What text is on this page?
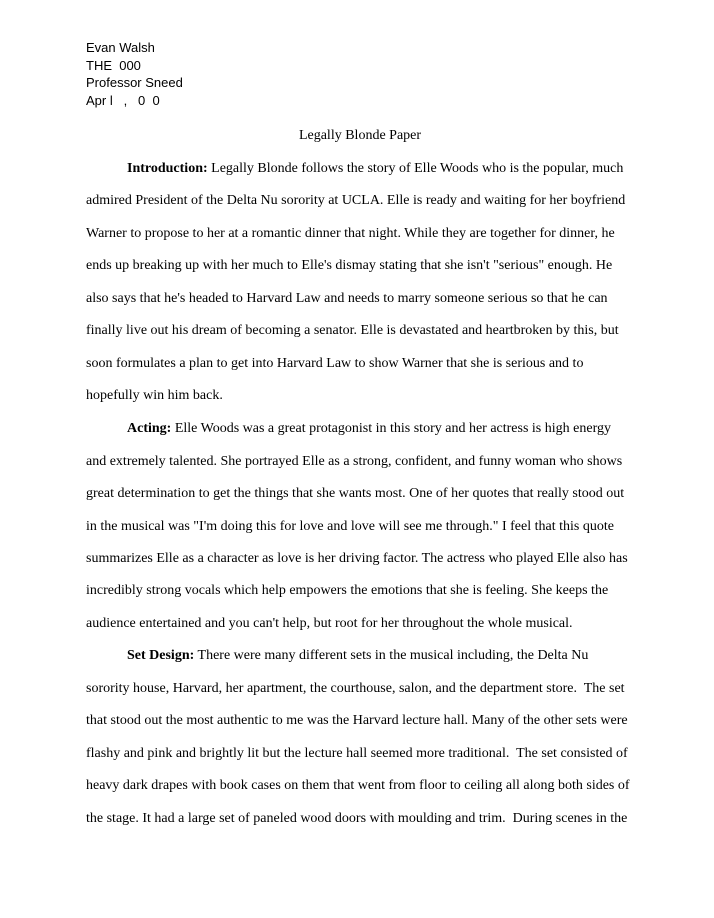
Evan Walsh
THE  000
Professor Sneed
Apr l   ,   0  0
Legally Blonde Paper
Introduction: Legally Blonde follows the story of Elle Woods who is the popular, much
admired President of the Delta Nu sorority at UCLA. Elle is ready and waiting for her boyfriend
Warner to propose to her at a romantic dinner that night. While they are together for dinner, he
ends up breaking up with her much to Elle's dismay stating that she isn't "serious" enough. He
also says that he's headed to Harvard Law and needs to marry someone serious so that he can
finally live out his dream of becoming a senator. Elle is devastated and heartbroken by this, but
soon formulates a plan to get into Harvard Law to show Warner that she is serious and to
hopefully win him back.
Acting: Elle Woods was a great protagonist in this story and her actress is high energy
and extremely talented. She portrayed Elle as a strong, confident, and funny woman who shows
great determination to get the things that she wants most. One of her quotes that really stood out
in the musical was "I'm doing this for love and love will see me through." I feel that this quote
summarizes Elle as a character as love is her driving factor. The actress who played Elle also has
incredibly strong vocals which help empowers the emotions that she is feeling. She keeps the
audience entertained and you can't help, but root for her throughout the whole musical.
Set Design: There were many different sets in the musical including, the Delta Nu
sorority house, Harvard, her apartment, the courthouse, salon, and the department store.  The set
that stood out the most authentic to me was the Harvard lecture hall. Many of the other sets were
flashy and pink and brightly lit but the lecture hall seemed more traditional.  The set consisted of
heavy dark drapes with book cases on them that went from floor to ceiling all along both sides of
the stage. It had a large set of paneled wood doors with moulding and trim.  During scenes in the
